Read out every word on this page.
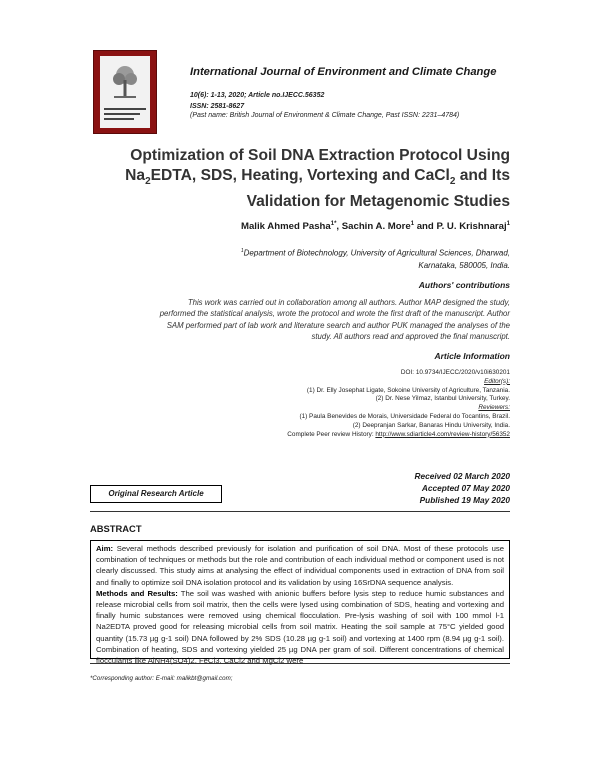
International Journal of Environment and Climate Change
10(6): 1-13, 2020; Article no.IJECC.56352
ISSN: 2581-8627
(Past name: British Journal of Environment & Climate Change, Past ISSN: 2231–4784)
Optimization of Soil DNA Extraction Protocol Using
$Na_2EDTA$, SDS, Heating, Vortexing and CaCl$_2$ and Its
Validation for Metagenomic Studies
Malik Ahmed Pasha$^{1*}$, Sachin A. More$^1$ and P. U. Krishnaraj$^1$
$^1$Department of Biotechnology, University of Agricultural Sciences, Dharwad,
Karnataka, 580005, India.
Authors' contributions
This work was carried out in collaboration among all authors. Author MAP designed the study,
performed the statistical analysis, wrote the protocol and wrote the first draft of the manuscript. Author
SAM performed part of lab work and literature search and author PUK managed the analyses of the
study. All authors read and approved the final manuscript.
Article Information
DOI: 10.9734/IJECC/2020/v10i630201
Editor(s):
(1) Dr. Elly Josephat Ligate, Sokoine University of Agriculture, Tanzania.
(2) Dr. Nese Yilmaz, Istanbul University, Turkey.
Reviewers:
(1) Paula Benevides de Morais, Universidade Federal do Tocantins, Brazil.
(2) Deepranjan Sarkar, Banaras Hindu University, India.
Complete Peer review History: http://www.sdiarticle4.com/review-history/56352
Received 02 March 2020
Accepted 07 May 2020
Published 19 May 2020
Original Research Article
ABSTRACT

Aim: Several methods described previously for isolation and purification of soil DNA. Most of these protocols use combination of techniques or methods but the role and contribution of each individual method or component used is not clearly discussed. This study aims at analysing the effect of individual components used in extraction of DNA from soil and finally to optimize soil DNA isolation protocol and its validation by using 16SrDNA sequence analysis.

Methods and Results: The soil was washed with anionic buffers before lysis step to reduce humic substances and release microbial cells from soil matrix, then the cells were lysed using combination of SDS, heating and vortexing and finally humic substances were removed using chemical flocculation. Pre-lysis washing of soil with 100 mmol l-1 Na2EDTA proved good for releasing microbial cells from soil matrix. Heating the soil sample at 75°C yielded good quantity (15.73 µg g-1 soil) DNA followed by 2% SDS (10.28 µg g-1 soil) and vortexing at 1400 rpm (8.94 µg g-1 soil). Combination of heating, SDS and vortexing yielded 25 µg DNA per gram of soil. Different concentrations of chemical flocculants like AlNH4(SO4)2, FeCl3, CaCl2 and MgCl2 were

*Corresponding author: E-mail: malikbt@gmail.com;
